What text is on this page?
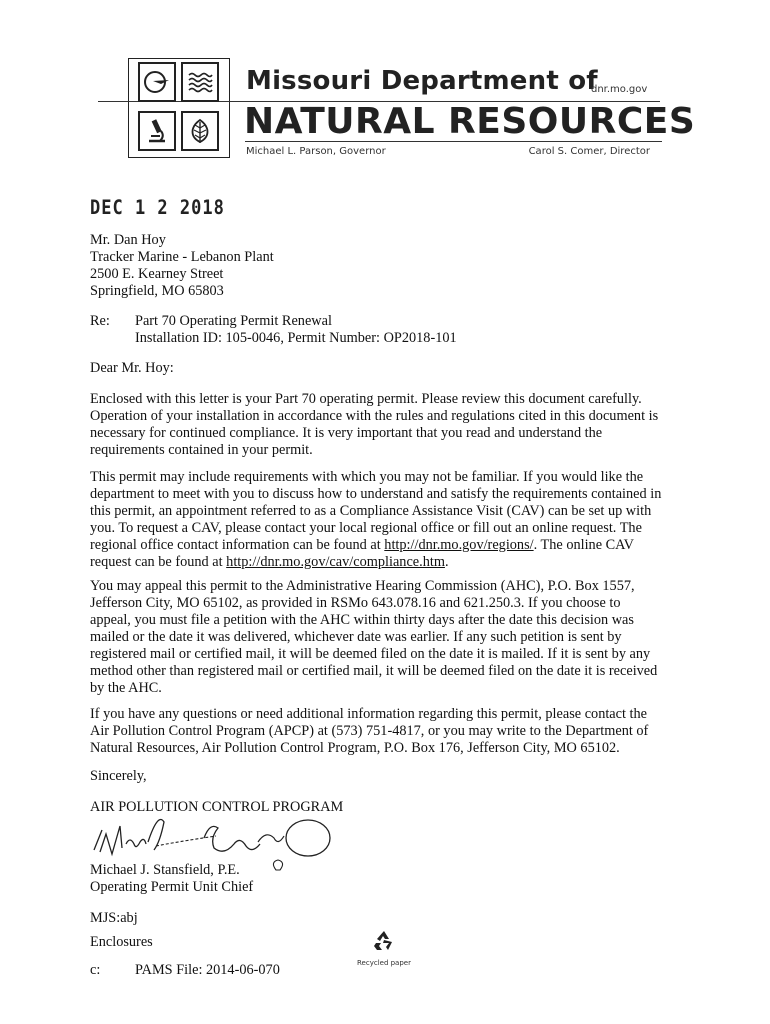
Missouri Department of
dnr.mo.gov
NATURAL RESOURCES
Michael L. Parson, Governor	Carol S. Comer, Director
DEC 1 2 2018
Mr. Dan Hoy
Tracker Marine - Lebanon Plant
2500 E. Kearney Street
Springfield, MO 65803
Re: Part 70 Operating Permit Renewal
Installation ID: 105-0046, Permit Number: OP2018-101
Dear Mr. Hoy:
Enclosed with this letter is your Part 70 operating permit. Please review this document carefully.
Operation of your installation in accordance with the rules and regulations cited in this document is
necessary for continued compliance. It is very important that you read and understand the
requirements contained in your permit.
This permit may include requirements with which you may not be familiar. If you would like the
department to meet with you to discuss how to understand and satisfy the requirements contained in
this permit, an appointment referred to as a Compliance Assistance Visit (CAV) can be set up with
you. To request a CAV, please contact your local regional office or fill out an online request. The
regional office contact information can be found at http://dnr.mo.gov/regions/. The online CAV
request can be found at http://dnr.mo.gov/cav/compliance.htm.
You may appeal this permit to the Administrative Hearing Commission (AHC), P.O. Box 1557,
Jefferson City, MO 65102, as provided in RSMo 643.078.16 and 621.250.3. If you choose to
appeal, you must file a petition with the AHC within thirty days after the date this decision was
mailed or the date it was delivered, whichever date was earlier. If any such petition is sent by
registered mail or certified mail, it will be deemed filed on the date it is mailed. If it is sent by any
method other than registered mail or certified mail, it will be deemed filed on the date it is received
by the AHC.
If you have any questions or need additional information regarding this permit, please contact the
Air Pollution Control Program (APCP) at (573) 751-4817, or you may write to the Department of
Natural Resources, Air Pollution Control Program, P.O. Box 176, Jefferson City, MO 65102.
Sincerely,
AIR POLLUTION CONTROL PROGRAM
Michael J. Stansfield, P.E.
Operating Permit Unit Chief
MJS:abj
Enclosures
Recycled paper
c: PAMS File: 2014-06-070
